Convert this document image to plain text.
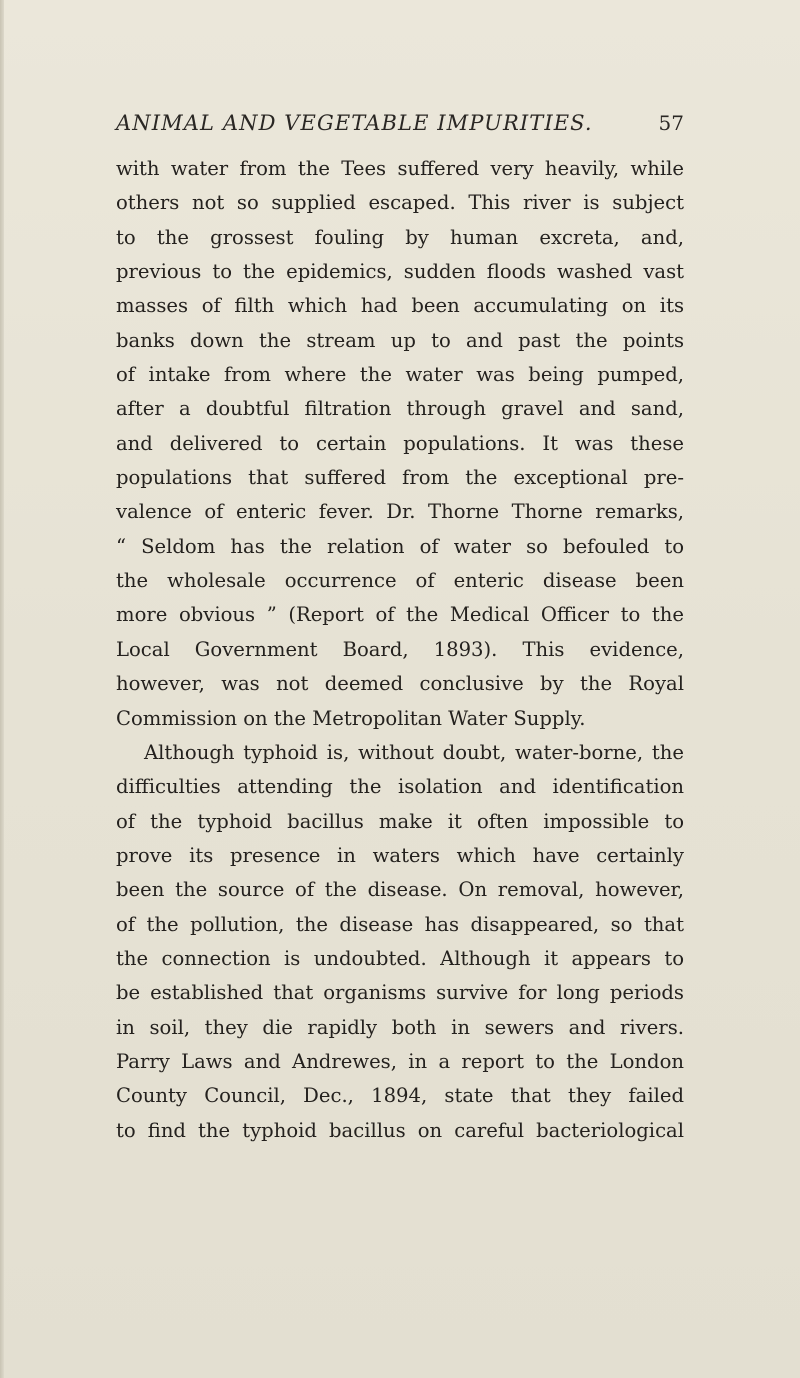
ANIMAL AND VEGETABLE IMPURITIES.	57
with water from the Tees suffered very heavily, while
others not so supplied escaped. This river is subject
to the grossest fouling by human excreta, and,
previous to the epidemics, sudden floods washed vast
masses of filth which had been accumulating on its
banks down the stream up to and past the points
of intake from where the water was being pumped,
after a doubtful filtration through gravel and sand,
and delivered to certain populations. It was these
populations that suffered from the exceptional pre-
valence of enteric fever. Dr. Thorne Thorne remarks,
“ Seldom has the relation of water so befouled to
the wholesale occurrence of enteric disease been
more obvious ” (Report of the Medical Officer to the
Local Government Board, 1893). This evidence,
however, was not deemed conclusive by the Royal
Commission on the Metropolitan Water Supply.
Although typhoid is, without doubt, water-borne, the
difficulties attending the isolation and identification
of the typhoid bacillus make it often impossible to
prove its presence in waters which have certainly
been the source of the disease. On removal, however,
of the pollution, the disease has disappeared, so that
the connection is undoubted. Although it appears to
be established that organisms survive for long periods
in soil, they die rapidly both in sewers and rivers.
Parry Laws and Andrewes, in a report to the London
County Council, Dec., 1894, state that they failed
to find the typhoid bacillus on careful bacteriological
